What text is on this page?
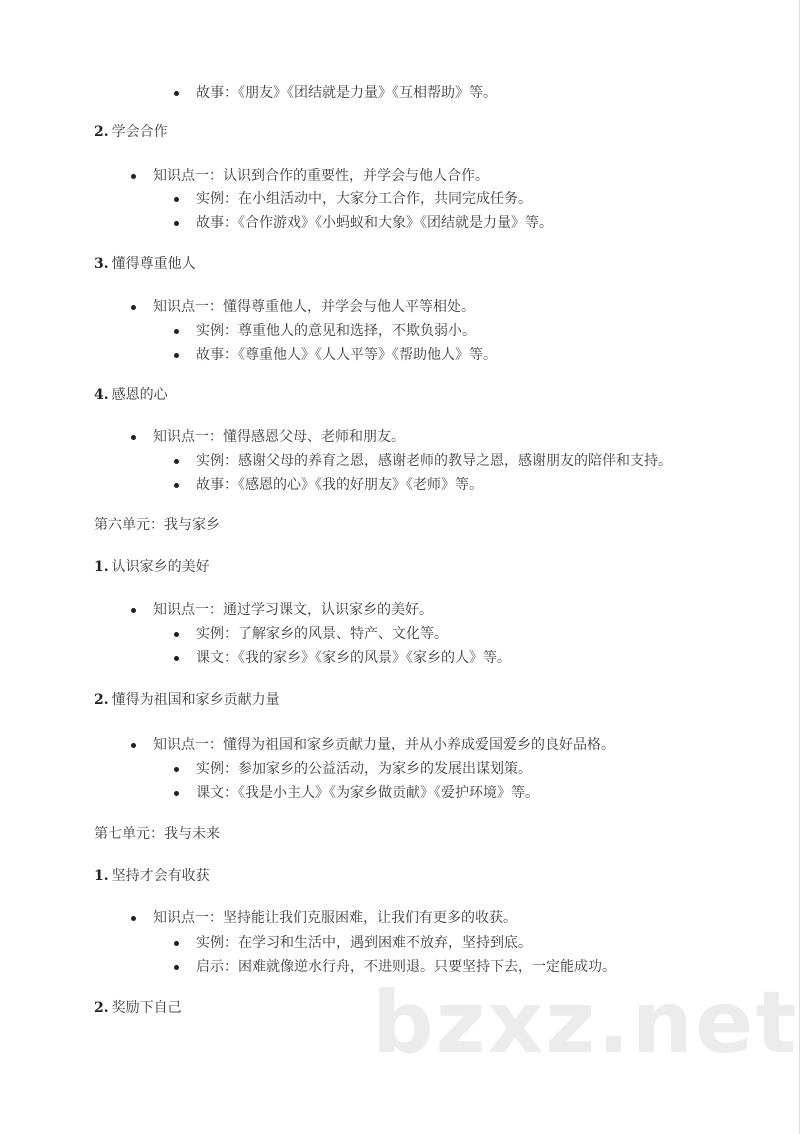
故事：《朋友》《团结就是力量》《互相帮助》等。
2. 学会合作
知识点一：认识到合作的重要性，并学会与他人合作。
实例：在小组活动中，大家分工合作，共同完成任务。
故事：《合作游戏》《小蚂蚁和大象》《团结就是力量》等。
3. 懂得尊重他人
知识点一：懂得尊重他人，并学会与他人平等相处。
实例：尊重他人的意见和选择，不欺负弱小。
故事：《尊重他人》《人人平等》《帮助他人》等。
4. 感恩的心
知识点一：懂得感恩父母、老师和朋友。
实例：感谢父母的养育之恩，感谢老师的教导之恩，感谢朋友的陪伴和支持。
故事：《感恩的心》《我的好朋友》《老师》等。
第六单元：我与家乡
1. 认识家乡的美好
知识点一：通过学习课文，认识家乡的美好。
实例：了解家乡的风景、特产、文化等。
课文：《我的家乡》《家乡的风景》《家乡的人》等。
2. 懂得为祖国和家乡贡献力量
知识点一：懂得为祖国和家乡贡献力量，并从小养成爱国爱乡的良好品格。
实例：参加家乡的公益活动，为家乡的发展出谋划策。
课文：《我是小主人》《为家乡做贡献》《爱护环境》等。
第七单元：我与未来
1. 坚持才会有收获
知识点一：坚持能让我们克服困难，让我们有更多的收获。
实例：在学习和生活中，遇到困难不放弃，坚持到底。
启示：困难就像逆水行舟，不进则退。只要坚持下去，一定能成功。
2. 奖励下自己 bzxz.net
